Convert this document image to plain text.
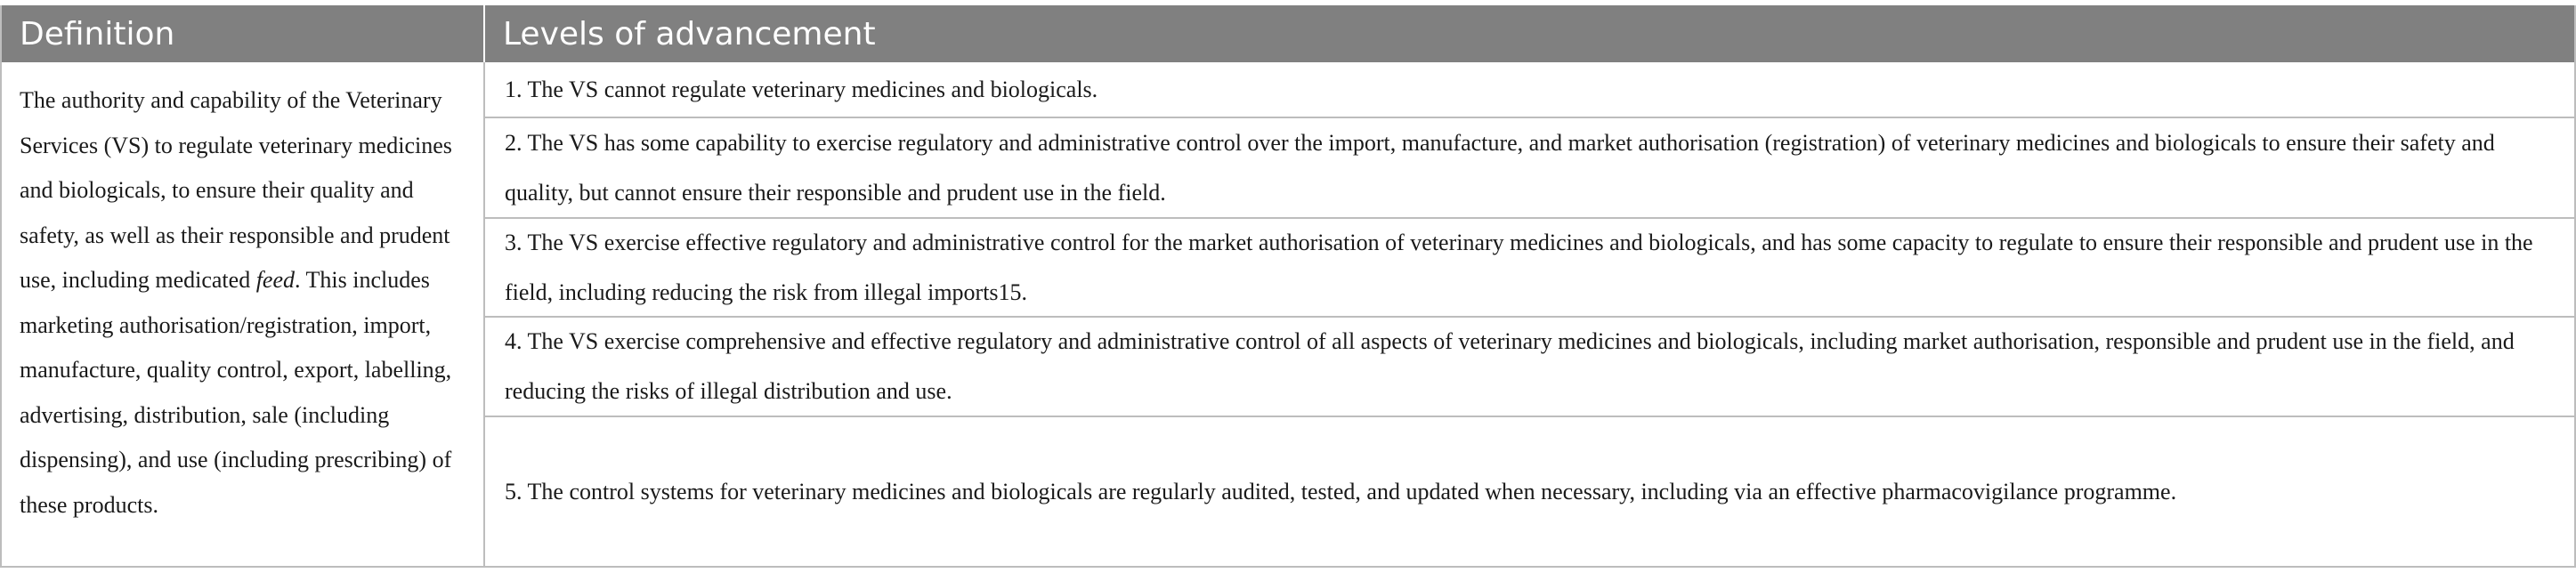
Definition	Levels of advancement
The authority and capability of the Veterinary Services (VS) to regulate veterinary medicines and biologicals, to ensure their quality and safety, as well as their responsible and prudent use, including medicated feed. This includes marketing authorisation/registration, import, manufacture, quality control, export, labelling, advertising, distribution, sale (including dispensing), and use (including prescribing) of these products.
1. The VS cannot regulate veterinary medicines and biologicals.
2. The VS has some capability to exercise regulatory and administrative control over the import, manufacture, and market authorisation (registration) of veterinary medicines and biologicals to ensure their safety and quality, but cannot ensure their responsible and prudent use in the field.
3. The VS exercise effective regulatory and administrative control for the market authorisation of veterinary medicines and biologicals, and has some capacity to regulate to ensure their responsible and prudent use in the field, including reducing the risk from illegal imports15.
4. The VS exercise comprehensive and effective regulatory and administrative control of all aspects of veterinary medicines and biologicals, including market authorisation, responsible and prudent use in the field, and reducing the risks of illegal distribution and use.
5. The control systems for veterinary medicines and biologicals are regularly audited, tested, and updated when necessary, including via an effective pharmacovigilance programme.
